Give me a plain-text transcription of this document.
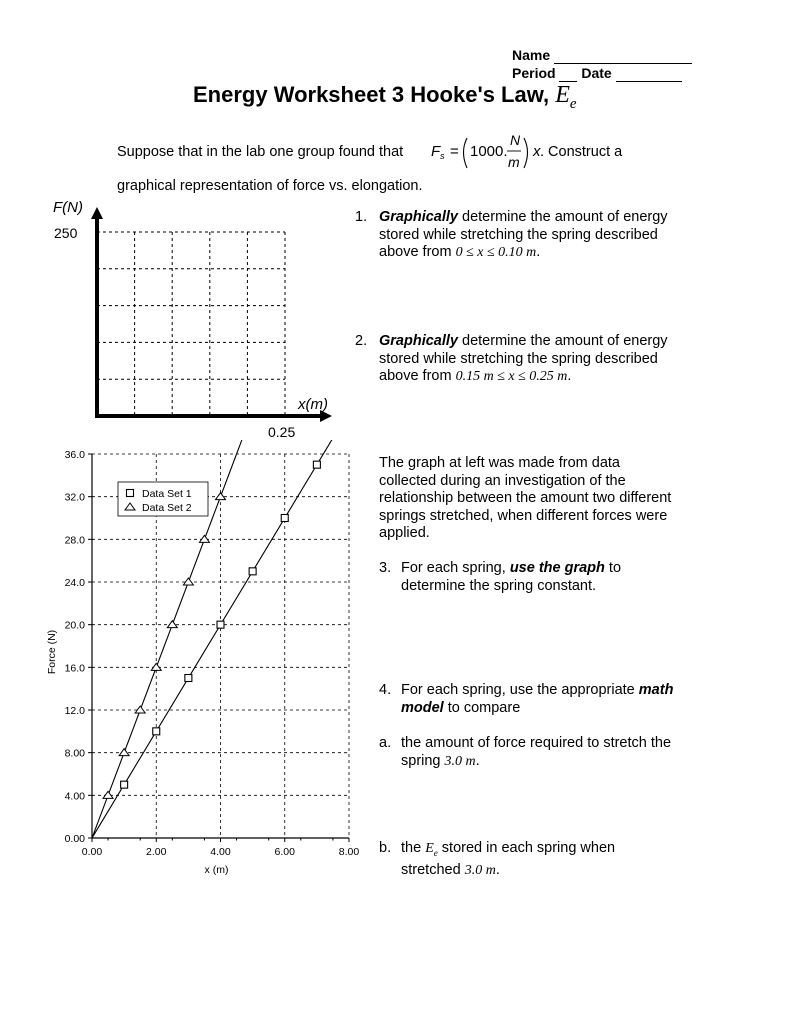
Name
Period Date
Energy Worksheet 3 Hooke's Law, $E_e$
Suppose that in the lab one group found that F s = 1000.
N
m
x . Construct a
graphical representation of force vs. elongation.
F(N)
250
x(m)
0.25
1. Graphically determine the amount of energy
stored while stretching the spring described
above from 0 ≤ x ≤ 0.10 m.
2. Graphically determine the amount of energy
stored while stretching the spring described
above from 0.15 m ≤ x ≤ 0.25 m.
The graph at left was made from data
collected during an investigation of the
relationship between the amount two different
springs stretched, when different forces were
applied.
3. For each spring, use the graph to
determine the spring constant.
4. For each spring, use the appropriate math
model to compare
a. the amount of force required to stretch the
spring 3.0 m.
b. the $E_e$ stored in each spring when
stretched 3.0 m.
0.00
4.00
8.00
12.0
16.0
20.0
24.0
28.0
32.0
36.0
0.00	2.00	4.00	6.00	8.00
Data Set 1
Data Set 2
x (m)
Force (N)
